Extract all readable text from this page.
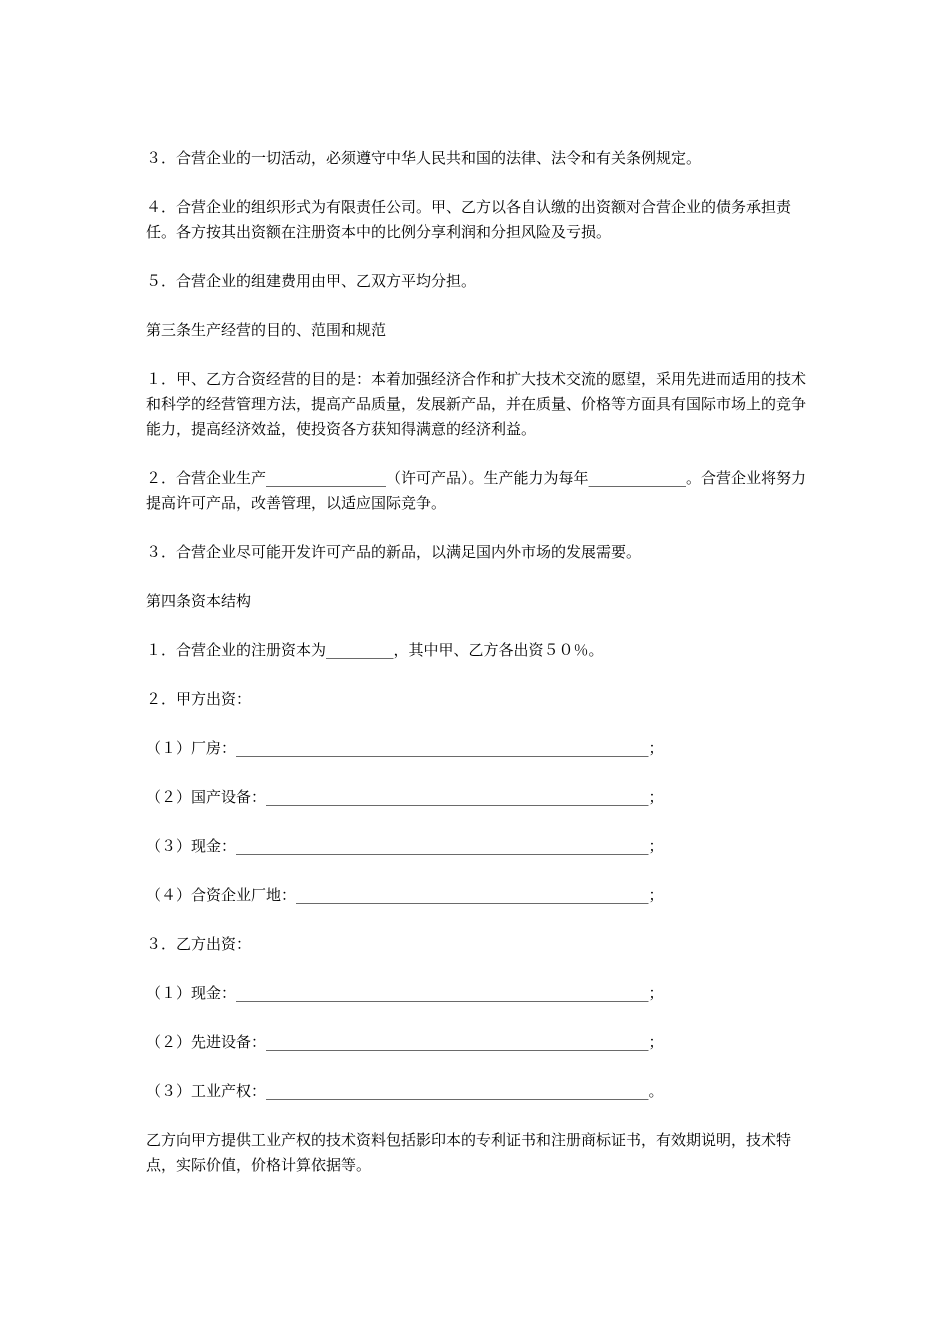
３．合营企业的一切活动，必须遵守中华人民共和国的法律、法令和有关条例规定。

４．合营企业的组织形式为有限责任公司。甲、乙方以各自认缴的出资额对合营企业的债务承担责任。各方按其出资额在注册资本中的比例分享利润和分担风险及亏损。

５．合营企业的组建费用由甲、乙双方平均分担。

第三条生产经营的目的、范围和规范

１．甲、乙方合资经营的目的是：本着加强经济合作和扩大技术交流的愿望，采用先进而适用的技术和科学的经营管理方法，提高产品质量，发展新产品，并在质量、价格等方面具有国际市场上的竞争能力，提高经济效益，使投资各方获知得满意的经济利益。

２．合营企业生产________________（许可产品）。生产能力为每年_____________。合营企业将努力提高许可产品，改善管理，以适应国际竞争。

３．合营企业尽可能开发许可产品的新品，以满足国内外市场的发展需要。

第四条资本结构

１．合营企业的注册资本为_________，其中甲、乙方各出资５０％。

２．甲方出资：

（１）厂房：_______________________________________________________；

（２）国产设备：___________________________________________________；

（３）现金：_______________________________________________________；

（４）合资企业厂地：_______________________________________________；

３．乙方出资：

（１）现金：_______________________________________________________；

（２）先进设备：___________________________________________________；

（３）工业产权：___________________________________________________。

乙方向甲方提供工业产权的技术资料包括影印本的专利证书和注册商标证书，有效期说明，技术特点，实际价值，价格计算依据等。
